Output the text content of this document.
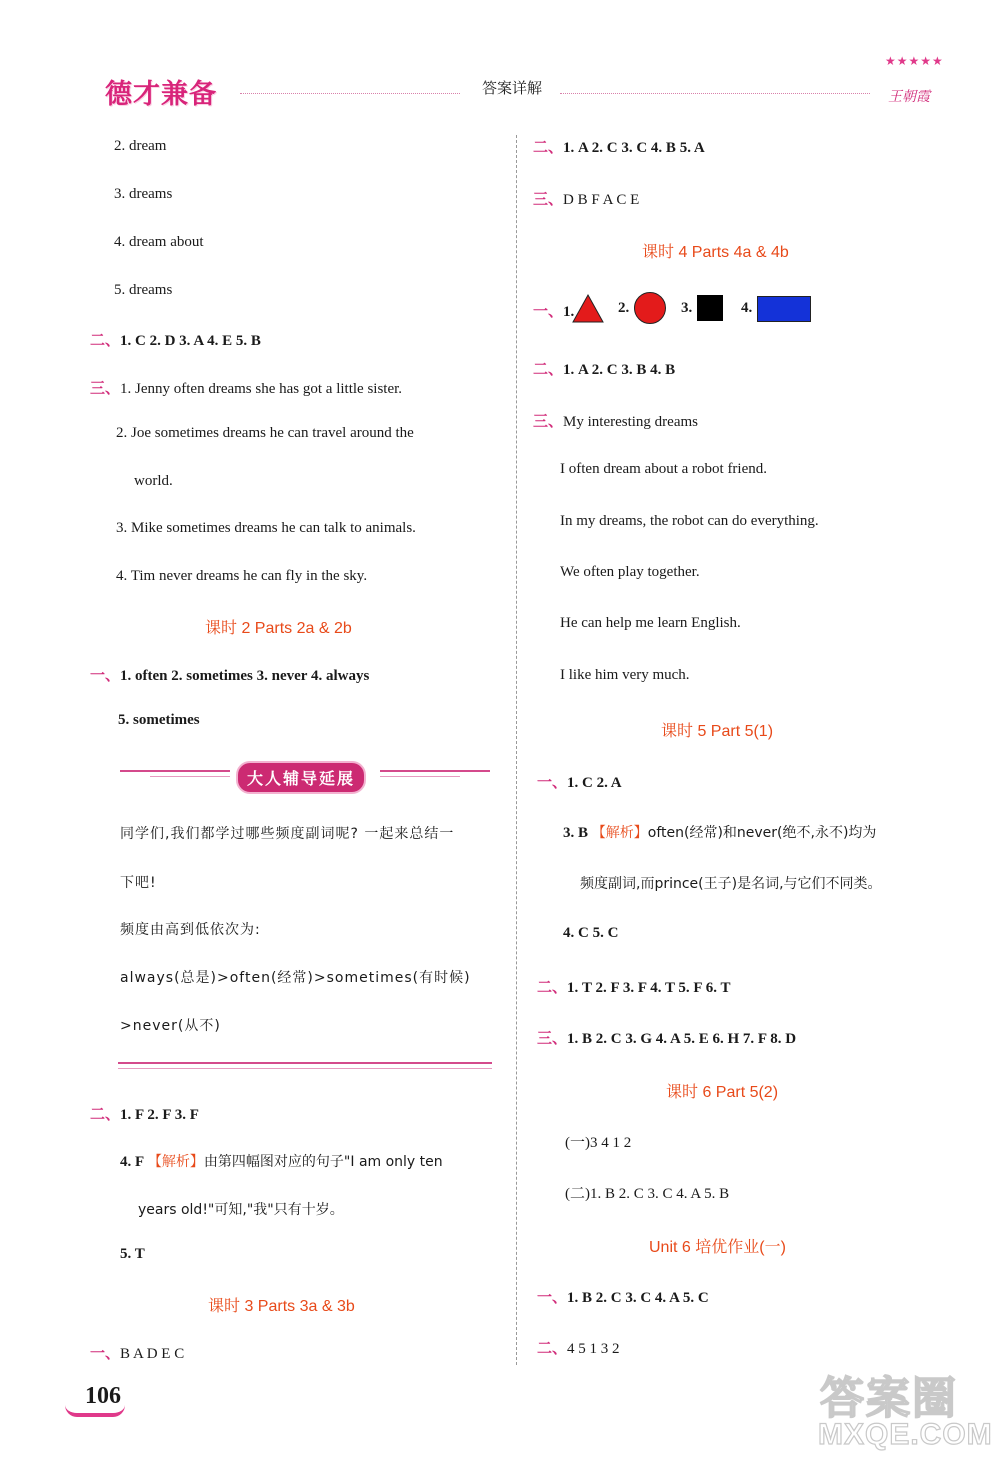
德才兼备	答案详解
★★★★★
王朝霞
2. dream
3. dreams
4. dream about
5. dreams
二、1. C 2. D 3. A 4. E 5. B
三、1. Jenny often dreams she has got a little sister.
2. Joe sometimes dreams he can travel around the
world.
3. Mike sometimes dreams he can talk to animals.
4. Tim never dreams he can fly in the sky.
课时 2 Parts 2a & 2b
一、1. often 2. sometimes 3. never 4. always
5. sometimes
大人辅导延展
同学们,我们都学过哪些频度副词呢? 一起来总结一
下吧!
频度由高到低依次为:
always(总是)>often(经常)>sometimes(有时候)
>never(从不)
二、1. F 2. F 3. F
4. F 【解析】由第四幅图对应的句子"I am only ten
years old!"可知,"我"只有十岁。
5. T
课时 3 Parts 3a & 3b
一、B A D E C
106
二、1. A 2. C 3. C 4. B 5. A
三、D B F A C E
课时 4 Parts 4a & 4b
一、1.	2.	3.	4.
二、1. A 2. C 3. B 4. B
三、My interesting dreams
I often dream about a robot friend.
In my dreams, the robot can do everything.
We often play together.
He can help me learn English.
I like him very much.
课时 5 Part 5(1)
一、1. C 2. A
3. B 【解析】often(经常)和never(绝不,永不)均为
频度副词,而prince(王子)是名词,与它们不同类。
4. C 5. C
二、1. T 2. F 3. F 4. T 5. F 6. T
三、1. B 2. C 3. G 4. A 5. E 6. H 7. F 8. D
课时 6 Part 5(2)
(一)3 4 1 2
(二)1. B 2. C 3. C 4. A 5. B
Unit 6 培优作业(一)
一、1. B 2. C 3. C 4. A 5. C
二、4 5 1 3 2
答案圈
MXQE.COM
